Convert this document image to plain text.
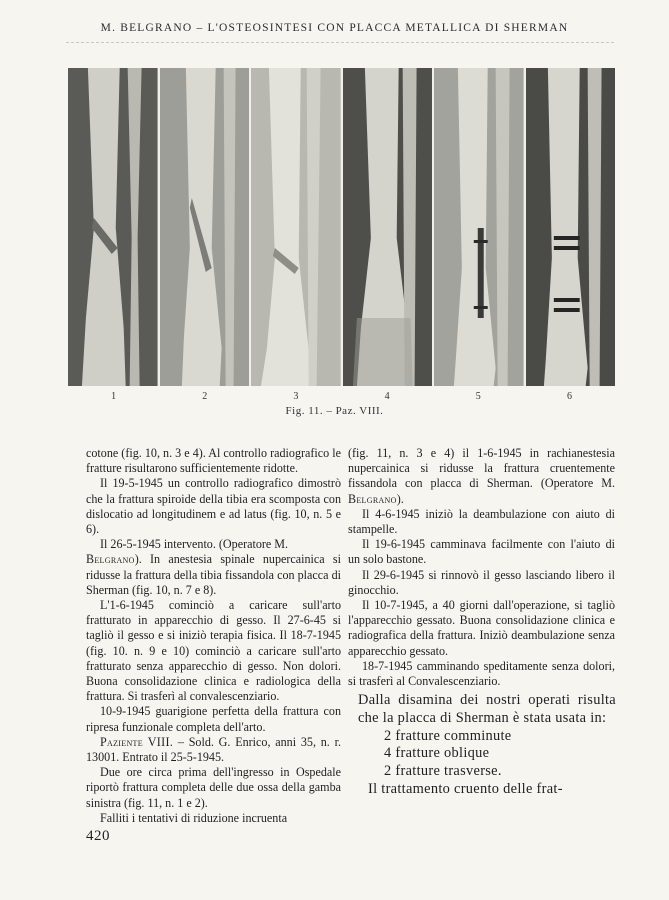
M. BELGRANO – L'OSTEOSINTESI CON PLACCA METALLICA DI SHERMAN
1	2	3	4	5	6
Fig. 11. – Paz. VIII.

cotone (fig. 10, n. 3 e 4). Al controllo radiografico le fratture risultarono sufficientemente ridotte.

Il 19-5-1945 un controllo radiografico dimostrò che la frattura spiroide della tibia era scomposta con dislocatio ad longitudinem e ad latus (fig. 10, n. 5 e 6).

Il 26-5-1945 intervento. (Operatore M.

Belgrano). In anestesia spinale nupercainica si ridusse la frattura della tibia fissandola con placca di Sherman (fig. 10, n. 7 e 8).

L'1-6-1945 cominciò a caricare sull'arto fratturato in apparecchio di gesso. Il 27-6-45 si tagliò il gesso e si iniziò terapia fisica. Il 18-7-1945 (fig. 10. n. 9 e 10) cominciò a caricare sull'arto fratturato senza apparecchio di gesso. Non dolori. Buona consolidazione clinica e radiologica della frattura. Si trasferì al convalescenziario.

10-9-1945 guarigione perfetta della frattura con ripresa funzionale completa dell'arto.

Paziente VIII. – Sold. G. Enrico, anni 35, n. r. 13001. Entrato il 25-5-1945.

Due ore circa prima dell'ingresso in Ospedale riportò frattura completa delle due ossa della gamba sinistra (fig. 11, n. 1 e 2).

Falliti i tentativi di riduzione incruenta

(fig. 11, n. 3 e 4) il 1-6-1945 in rachianestesia nupercainica si ridusse la frattura cruentemente fissandola con placca di Sherman. (Operatore M. Belgrano).

Il 4-6-1945 iniziò la deambulazione con aiuto di stampelle.

Il 19-6-1945 camminava facilmente con l'aiuto di un solo bastone.

Il 29-6-1945 si rinnovò il gesso lasciando libero il ginocchio.

Il 10-7-1945, a 40 giorni dall'operazione, si tagliò l'apparecchio gessato. Buona consolidazione clinica e radiografica della frattura. Iniziò deambulazione senza apparecchio gessato.

18-7-1945 camminando speditamente senza dolori, si trasferì al Convalescenziario.

Dalla disamina dei nostri operati risulta che la placca di Sherman è stata usata in:

2 fratture comminute

4 fratture oblique

2 fratture trasverse.

Il trattamento cruento delle frat-

420
